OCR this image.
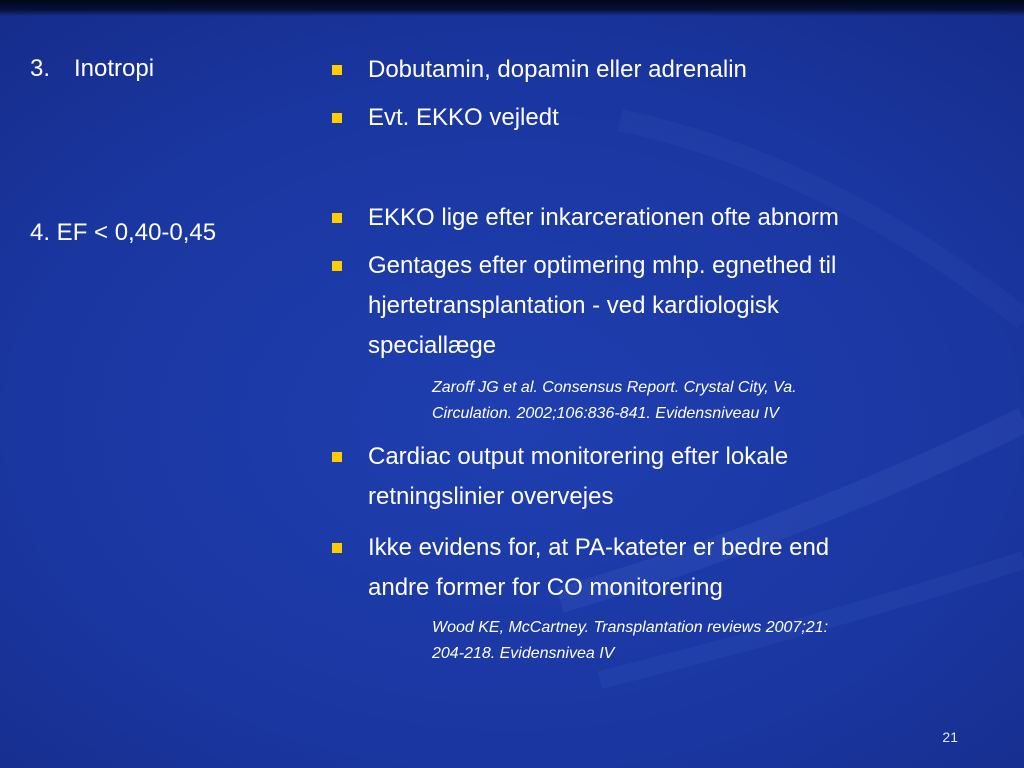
3. Inotropi
4. EF < 0,40-0,45
Dobutamin, dopamin eller adrenalin
Evt. EKKO vejledt
EKKO lige efter inkarcerationen ofte abnorm
Gentages efter optimering mhp. egnethed til
hjertetransplantation - ved kardiologisk
speciallæge
Zaroff JG et al. Consensus Report. Crystal City, Va.
Circulation. 2002;106:836-841. Evidensniveau IV
Cardiac output monitorering efter lokale
retningslinier overvejes
Ikke evidens for, at PA-kateter er bedre end
andre former for CO monitorering
Wood KE, McCartney. Transplantation reviews 2007;21:
204-218. Evidensnivea IV
21
